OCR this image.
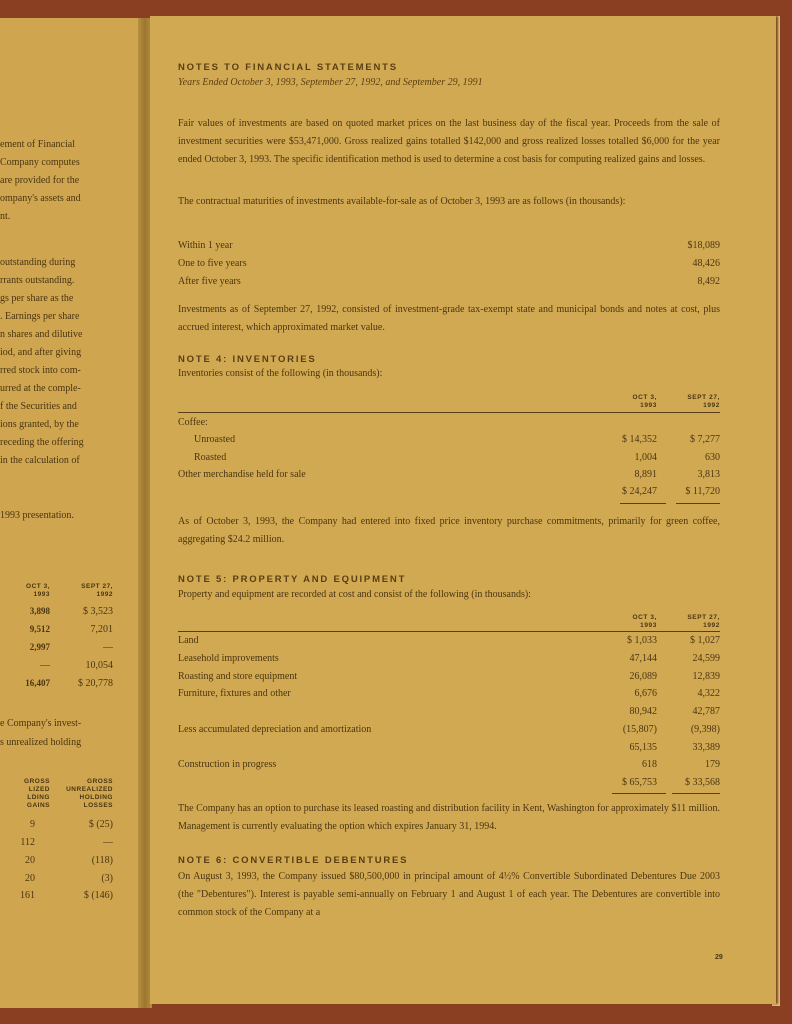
ement of Financial
Company computes
are provided for the
ompany's assets and
nt.
outstanding during
rrants outstanding.
gs per share as the
. Earnings per share
n shares and dilutive
iod, and after giving
rred stock into com-
urred at the comple-
f the Securities and
ions granted, by the
receding the offering
in the calculation of
1993 presentation.
OCT 3, 1993
SEPT 27, 1992
3,898	$ 3,523
9,512	7,201
2,997	—
—	10,054
16,407	$ 20,778
e Company's invest-
s unrealized holding
GROSS LIZED LDING GAINS
GROSS UNREALIZED HOLDING LOSSES
9	$ (25)
112	—
20	(118)
20	(3)
161	$ (146)
NOTES TO FINANCIAL STATEMENTS
Years Ended October 3, 1993, September 27, 1992, and September 29, 1991
Fair values of investments are based on quoted market prices on the last business day of the fiscal year. Proceeds from the sale of investment securities were $53,471,000. Gross realized gains totalled $142,000 and gross realized losses totalled $6,000 for the year ended October 3, 1993. The specific identification method is used to determine a cost basis for computing realized gains and losses.
The contractual maturities of investments available-for-sale as of October 3, 1993 are as follows (in thousands):
Within 1 year	$18,089
One to five years	48,426
After five years	8,492
Investments as of September 27, 1992, consisted of investment-grade tax-exempt state and municipal bonds and notes at cost, plus accrued interest, which approximated market value.
NOTE 4: INVENTORIES
Inventories consist of the following (in thousands):
OCT 3, 1993
SEPT 27, 1992
Coffee:
Unroasted	$ 14,352	$ 7,277
Roasted	1,004	630
Other merchandise held for sale	8,891	3,813
$ 24,247	$ 11,720
As of October 3, 1993, the Company had entered into fixed price inventory purchase commitments, primarily for green coffee, aggregating $24.2 million.
NOTE 5: PROPERTY AND EQUIPMENT
Property and equipment are recorded at cost and consist of the following (in thousands):
OCT 3, 1993
SEPT 27, 1992
Land	$ 1,033	$ 1,027
Leasehold improvements	47,144	24,599
Roasting and store equipment	26,089	12,839
Furniture, fixtures and other	6,676	4,322
80,942	42,787
Less accumulated depreciation and amortization	(15,807)	(9,398)
65,135	33,389
Construction in progress	618	179
$ 65,753	$ 33,568
The Company has an option to purchase its leased roasting and distribution facility in Kent, Washington for approximately $11 million. Management is currently evaluating the option which expires January 31, 1994.
NOTE 6: CONVERTIBLE DEBENTURES
On August 3, 1993, the Company issued $80,500,000 in principal amount of 4½% Convertible Subordinated Debentures Due 2003 (the "Debentures"). Interest is payable semi-annually on February 1 and August 1 of each year. The Debentures are convertible into common stock of the Company at a
29
